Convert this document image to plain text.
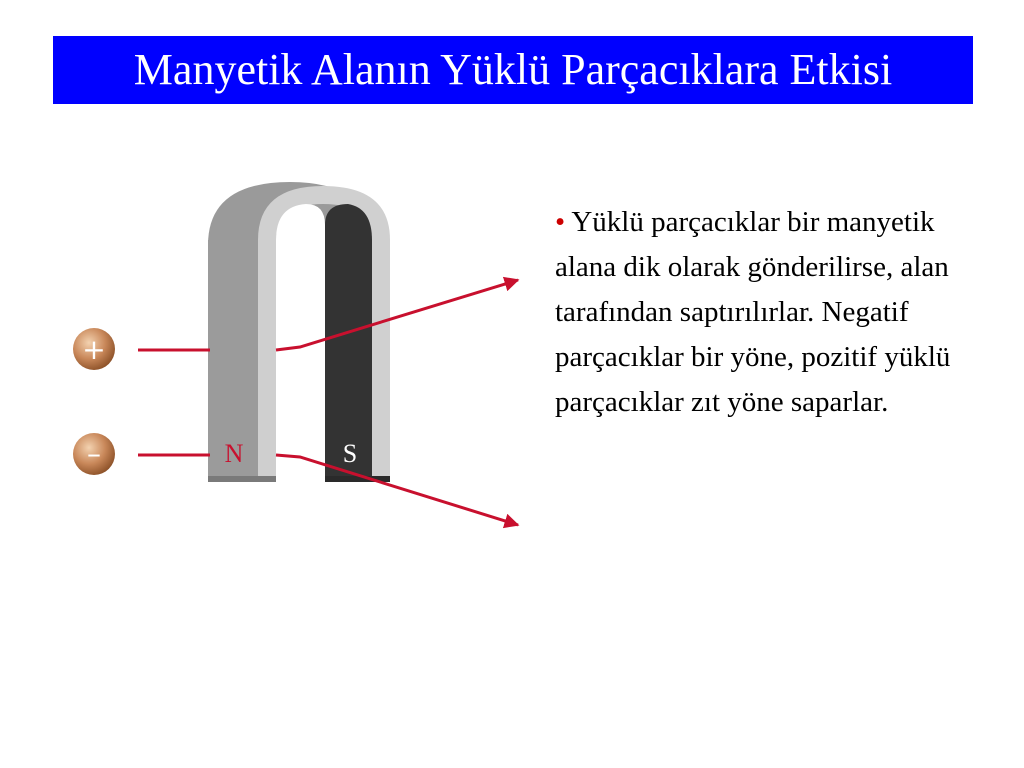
Manyetik Alanın Yüklü Parçacıklara Etkisi
N	S
+
–
• Yüklü parçacıklar bir manyetik alana dik olarak gönderilirse, alan tarafından saptırılırlar. Negatif parçacıklar bir yöne, pozitif yüklü parçacıklar zıt yöne saparlar.
